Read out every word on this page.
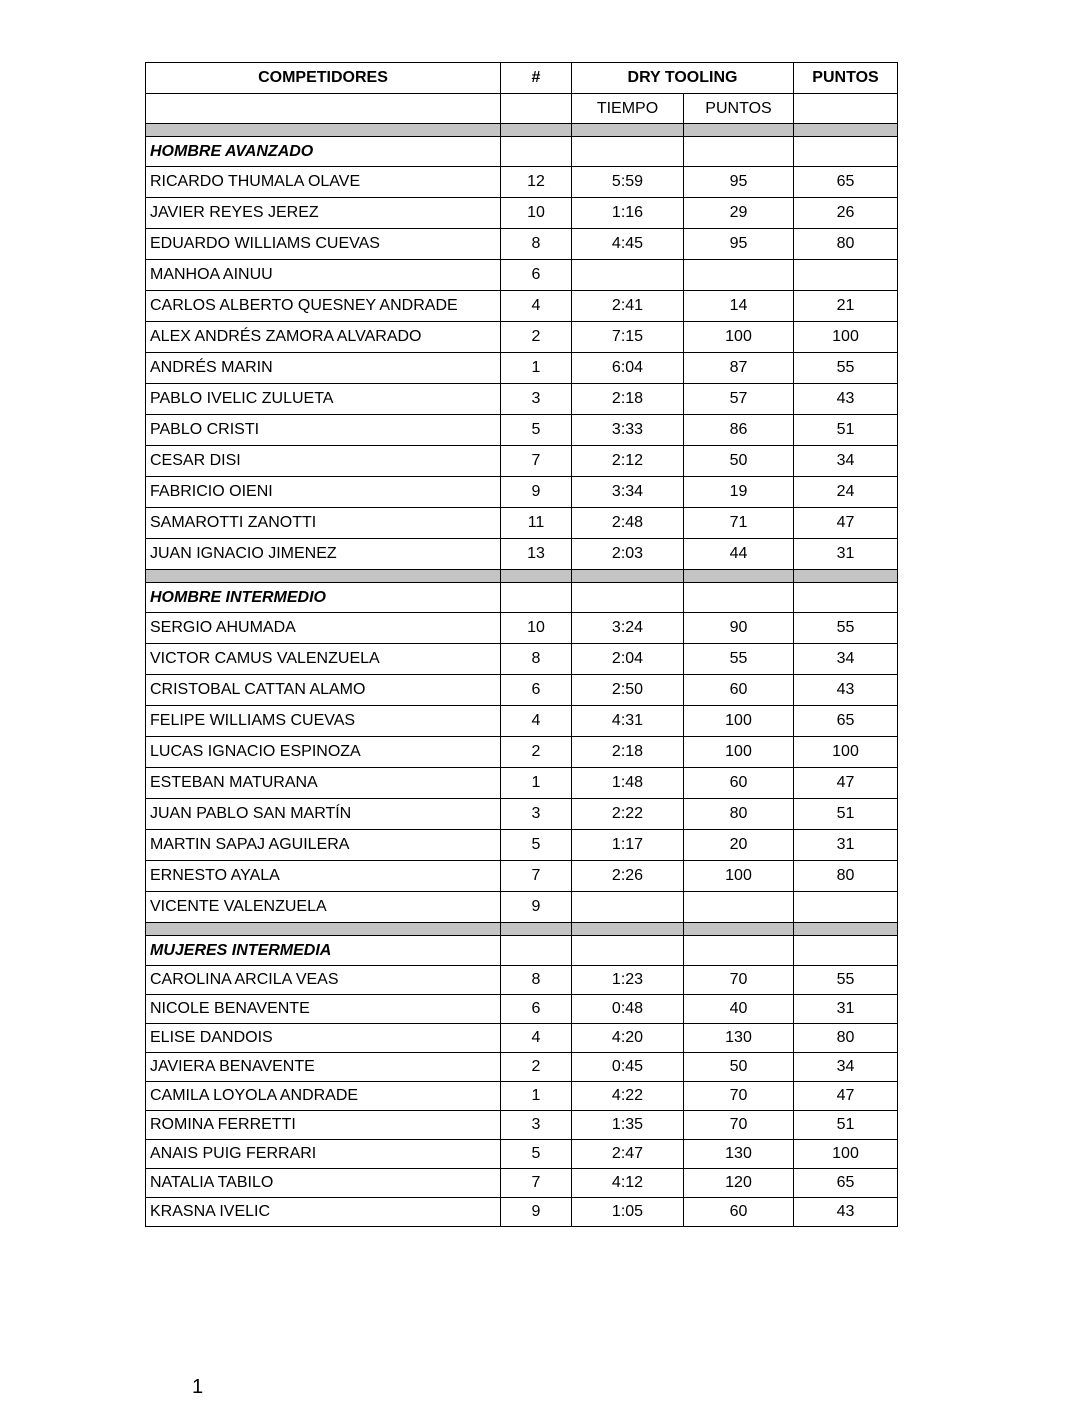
COMPETIDORES	#	DRY TOOLING		PUNTOS
		TIEMPO	PUNTOS	

HOMBRE AVANZADO				
RICARDO THUMALA OLAVE	12	5:59	95	65
JAVIER REYES JEREZ	10	1:16	29	26
EDUARDO WILLIAMS CUEVAS	8	4:45	95	80
MANHOA AINUU	6			
CARLOS ALBERTO QUESNEY ANDRADE	4	2:41	14	21
ALEX ANDRÉS ZAMORA ALVARADO	2	7:15	100	100
ANDRÉS MARIN	1	6:04	87	55
PABLO IVELIC ZULUETA	3	2:18	57	43
PABLO CRISTI	5	3:33	86	51
CESAR DISI	7	2:12	50	34
FABRICIO OIENI	9	3:34	19	24
SAMAROTTI ZANOTTI	11	2:48	71	47
JUAN IGNACIO JIMENEZ	13	2:03	44	31

HOMBRE INTERMEDIO				
SERGIO AHUMADA	10	3:24	90	55
VICTOR CAMUS VALENZUELA	8	2:04	55	34
CRISTOBAL CATTAN ALAMO	6	2:50	60	43
FELIPE WILLIAMS CUEVAS	4	4:31	100	65
LUCAS IGNACIO ESPINOZA	2	2:18	100	100
ESTEBAN MATURANA	1	1:48	60	47
JUAN PABLO SAN MARTÍN	3	2:22	80	51
MARTIN SAPAJ AGUILERA	5	1:17	20	31
ERNESTO AYALA	7	2:26	100	80
VICENTE VALENZUELA	9			

MUJERES INTERMEDIA				
CAROLINA ARCILA VEAS	8	1:23	70	55
NICOLE BENAVENTE	6	0:48	40	31
ELISE DANDOIS	4	4:20	130	80
JAVIERA BENAVENTE	2	0:45	50	34
CAMILA LOYOLA ANDRADE	1	4:22	70	47
ROMINA FERRETTI	3	1:35	70	51
ANAIS PUIG FERRARI	5	2:47	130	100
NATALIA TABILO	7	4:12	120	65
KRASNA IVELIC	9	1:05	60	43
1
